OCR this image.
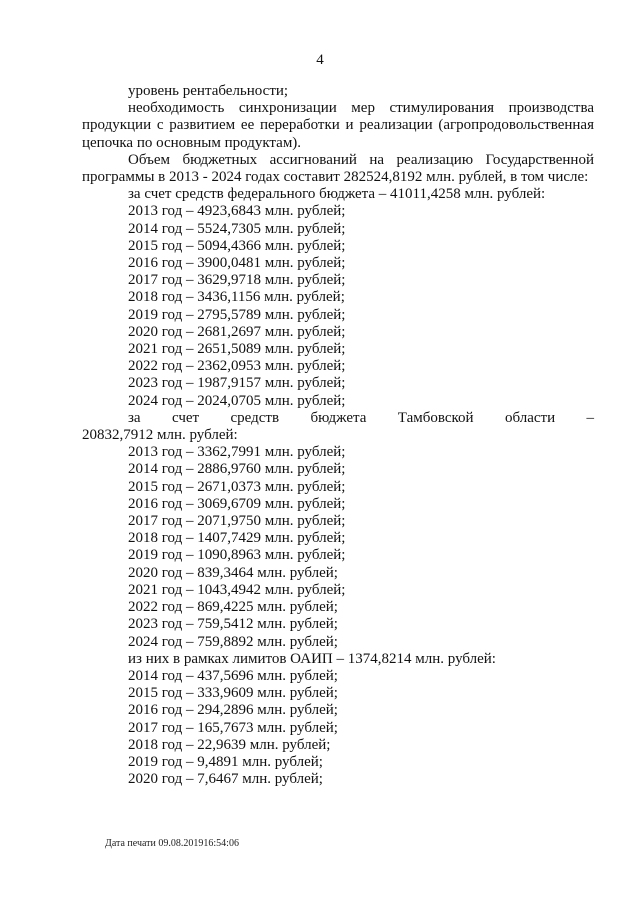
4

уровень рентабельности;

необходимость синхронизации мер стимулирования производства продукции с развитием ее переработки и реализации (агропродовольственная цепочка по основным продуктам).

Объем бюджетных ассигнований на реализацию Государственной программы в 2013 - 2024 годах составит 282524,8192 млн. рублей, в том числе:

за счет средств федерального бюджета – 41011,4258 млн. рублей:

2013 год – 4923,6843 млн. рублей;

2014 год – 5524,7305 млн. рублей;

2015 год – 5094,4366 млн. рублей;

2016 год – 3900,0481 млн. рублей;

2017 год – 3629,9718 млн. рублей;

2018 год – 3436,1156 млн. рублей;

2019 год – 2795,5789 млн. рублей;

2020 год – 2681,2697 млн. рублей;

2021 год – 2651,5089 млн. рублей;

2022 год – 2362,0953 млн. рублей;

2023 год – 1987,9157 млн. рублей;

2024 год – 2024,0705 млн. рублей;

за счет средств бюджета Тамбовской области –

20832,7912 млн. рублей:

2013 год – 3362,7991 млн. рублей;

2014 год – 2886,9760 млн. рублей;

2015 год – 2671,0373 млн. рублей;

2016 год – 3069,6709 млн. рублей;

2017 год – 2071,9750 млн. рублей;

2018 год – 1407,7429 млн. рублей;

2019 год – 1090,8963 млн. рублей;

2020 год – 839,3464 млн. рублей;

2021 год – 1043,4942 млн. рублей;

2022 год – 869,4225 млн. рублей;

2023 год – 759,5412 млн. рублей;

2024 год – 759,8892 млн. рублей;

из них в рамках лимитов ОАИП – 1374,8214 млн. рублей:

2014 год – 437,5696 млн. рублей;

2015 год – 333,9609 млн. рублей;

2016 год – 294,2896 млн. рублей;

2017 год – 165,7673 млн. рублей;

2018 год – 22,9639 млн. рублей;

2019 год – 9,4891 млн. рублей;

2020 год – 7,6467 млн. рублей;

Дата печати 09.08.201916:54:06
